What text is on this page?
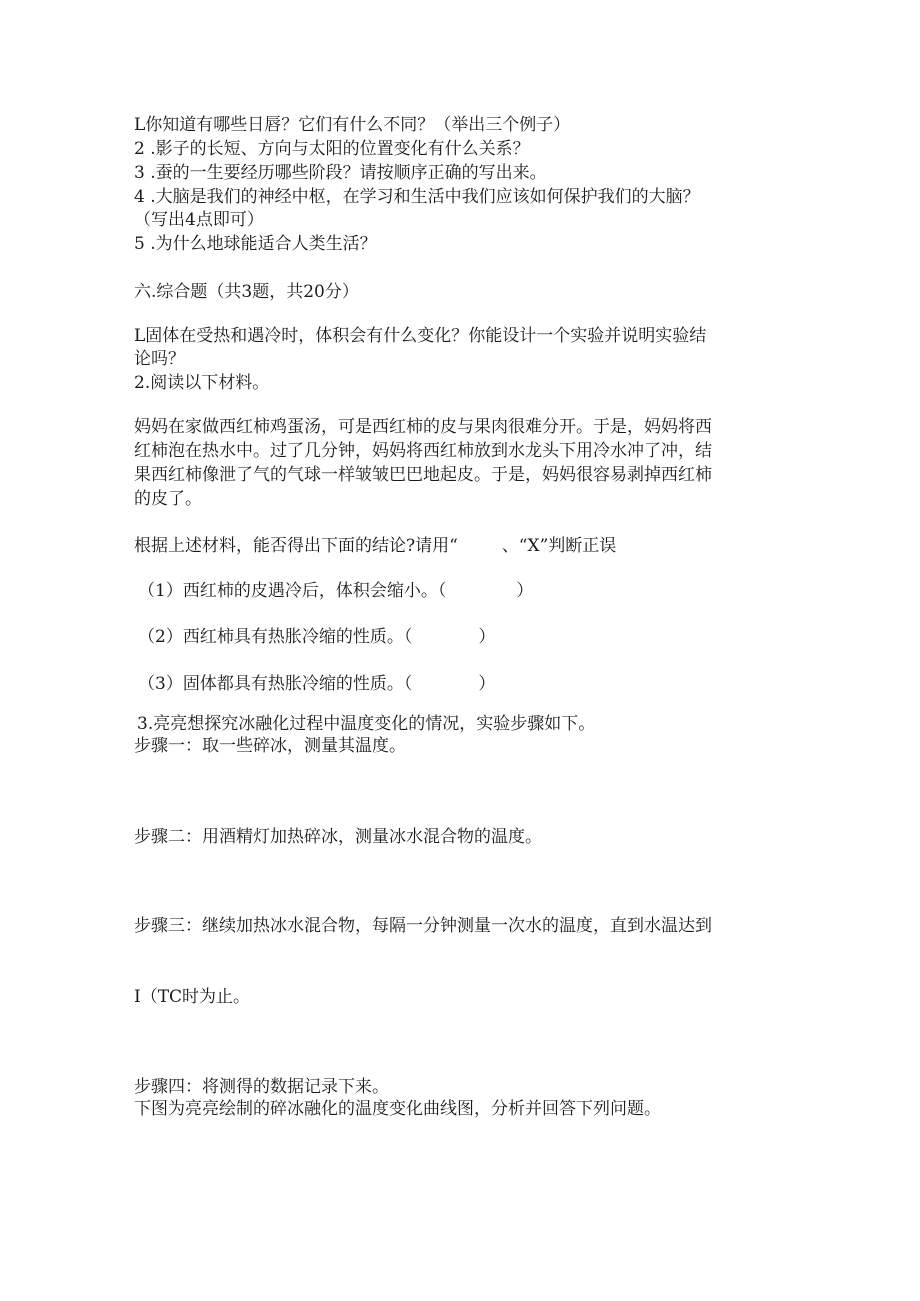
L你知道有哪些日唇？它们有什么不同？（举出三个例子）
2 .影子的长短、方向与太阳的位置变化有什么关系？
3 .蚕的一生要经历哪些阶段？请按顺序正确的写出来。
4 .大脑是我们的神经中枢，在学习和生活中我们应该如何保护我们的大脑？
（写出4点即可）
5 .为什么地球能适合人类生活？
六.综合题（共3题，共20分）
L固体在受热和遇冷时，体积会有什么变化？你能设计一个实验并说明实验结
论吗？
2.阅读以下材料。
妈妈在家做西红柿鸡蛋汤，可是西红柿的皮与果肉很难分开。于是，妈妈将西
红柿泡在热水中。过了几分钟，妈妈将西红柿放到水龙头下用冷水冲了冲，结
果西红柿像泄了气的气球一样皱皱巴巴地起皮。于是，妈妈很容易剥掉西红柿
的皮了。
根据上述材料，能否得出下面的结论?请用“	、“X”判断正误
（1）西红柿的皮遇冷后，体积会缩小。（	）
（2）西红柿具有热胀冷缩的性质。（	）
（3）固体都具有热胀冷缩的性质。（	）
3.亮亮想探究冰融化过程中温度变化的情况，实验步骤如下。
步骤一：取一些碎冰，测量其温度。
步骤二：用酒精灯加热碎冰，测量冰水混合物的温度。
步骤三：继续加热冰水混合物，每隔一分钟测量一次水的温度，直到水温达到
I（TC时为止。
步骤四：将测得的数据记录下来。
下图为亮亮绘制的碎冰融化的温度变化曲线图，分析并回答下列问题。
